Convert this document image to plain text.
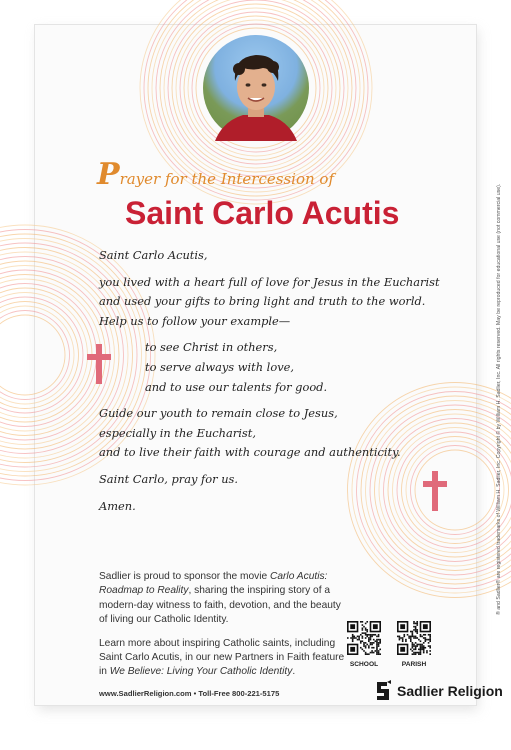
Prayer for the Intercession of
Saint Carlo Acutis
Saint Carlo Acutis,
you lived with a heart full of love for Jesus in the Eucharist
and used your gifts to bring light and truth to the world.
Help us to follow your example—
to see Christ in others,
to serve always with love,
and to use our talents for good.
Guide our youth to remain close to Jesus,
especially in the Eucharist,
and to live their faith with courage and authenticity.
Saint Carlo, pray for us.
Amen.

Sadlier is proud to sponsor the movie Carlo Acutis: Roadmap to Reality, sharing the inspiring story of a modern-day witness to faith, devotion, and the beauty of living our Catholic Identity.

Learn more about inspiring Catholic saints, including Saint Carlo Acutis, in our new Partners in Faith feature in We Believe: Living Your Catholic Identity.

SCHOOL	PARISH
www.SadlierReligion.com • Toll-Free 800-221-5175	Sadlier Religion
® and Sadlier® are registered trademarks of William H. Sadlier, Inc. Copyright © by William H. Sadlier, Inc. All rights reserved. May be reproduced for educational use (not commercial use).
